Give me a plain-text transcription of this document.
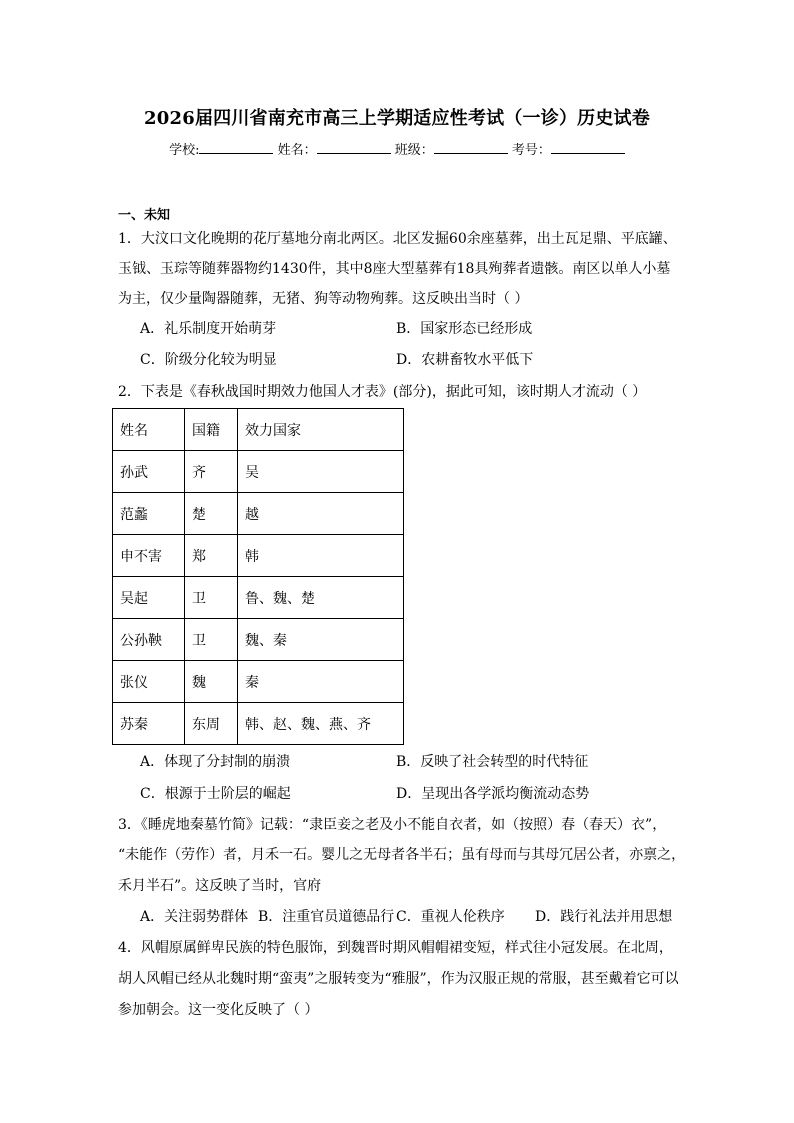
2026届四川省南充市高三上学期适应性考试（一诊）历史试卷
学校:	姓名：	班级：	考号：
一、未知
1．大汶口文化晚期的花厅墓地分南北两区。北区发掘60余座墓葬，出土瓦足鼎、平底罐、
玉钺、玉琮等随葬器物约1430件，其中8座大型墓葬有18具殉葬者遗骸。南区以单人小墓
为主，仅少量陶器随葬，无猪、狗等动物殉葬。这反映出当时（ ）
A．礼乐制度开始萌芽	B．国家形态已经形成
C．阶级分化较为明显	D．农耕畜牧水平低下
2．下表是《春秋战国时期效力他国人才表》(部分)，据此可知，该时期人才流动（ ）
姓名	国籍	效力国家
孙武	齐	吴
范蠡	楚	越
申不害	郑	韩
吴起	卫	鲁、魏、楚
公孙鞅	卫	魏、秦
张仪	魏	秦
苏秦	东周	韩、赵、魏、燕、齐
A．体现了分封制的崩溃	B．反映了社会转型的时代特征
C．根源于士阶层的崛起	D．呈现出各学派均衡流动态势
3．《睡虎地秦墓竹简》记载：“隶臣妾之老及小不能自衣者，如（按照）春（春天）衣”，
“未能作（劳作）者，月禾一石。婴儿之无母者各半石；虽有母而与其母冗居公者，亦禀之，
禾月半石”。这反映了当时，官府
A．关注弱势群体 B．注重官员道德品行 C．重视人伦秩序 D．践行礼法并用思想
4．风帽原属鲜卑民族的特色服饰，到魏晋时期风帽帽裙变短，样式往小冠发展。在北周，
胡人风帽已经从北魏时期“蛮夷”之服转变为“雅服”，作为汉服正规的常服，甚至戴着它可以
参加朝会。这一变化反映了（ ）
